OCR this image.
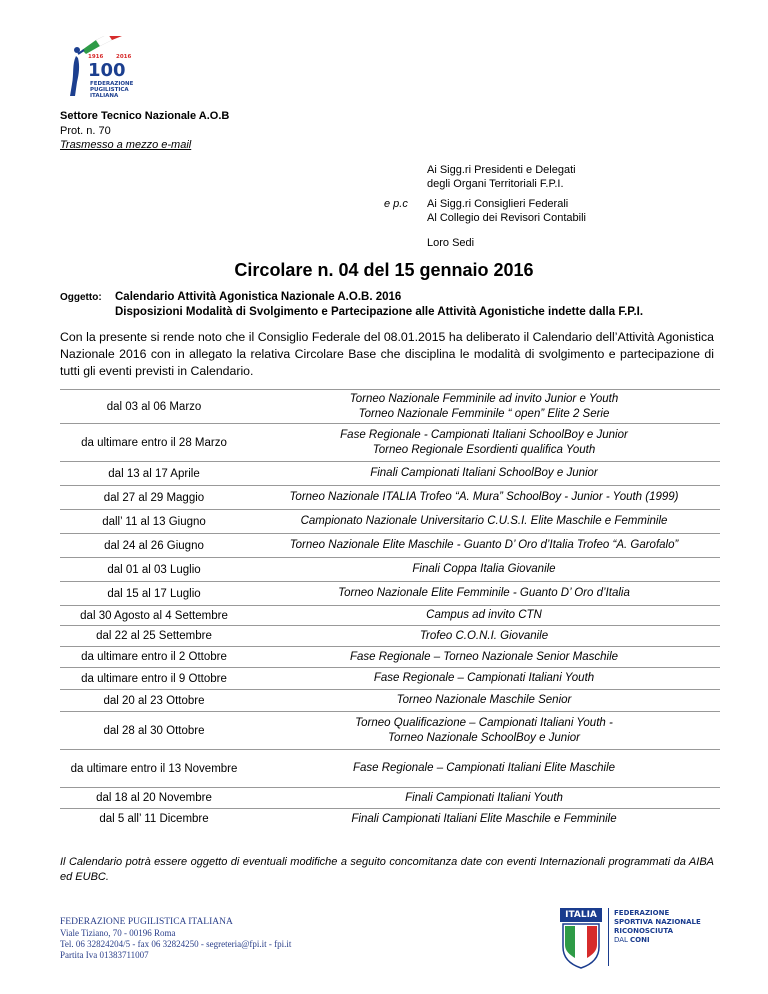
1916 2016
100
FEDERAZIONE
PUGILISTICA
ITALIANA
Settore Tecnico Nazionale A.O.B
Prot. n. 70
Trasmesso a mezzo e-mail
Ai Sigg.ri Presidenti e Delegati
degli Organi Territoriali F.P.I.
e p.c Ai Sigg.ri Consiglieri Federali
Al Collegio dei Revisori Contabili
Loro Sedi
Circolare n. 04 del 15 gennaio 2016
Oggetto: Calendario Attività Agonistica Nazionale A.O.B. 2016
Disposizioni Modalità di Svolgimento e Partecipazione alle Attività Agonistiche indette dalla F.P.I.
Con la presente si rende noto che il Consiglio Federale del 08.01.2015 ha deliberato il Calendario dell’Attività Agonistica Nazionale 2016 con in allegato la relativa Circolare Base che disciplina le modalità di svolgimento e partecipazione di tutti gli eventi previsti in Calendario.
dal 03 al 06 Marzo	Torneo Nazionale Femminile ad invito Junior e Youth
Torneo Nazionale Femminile “ open” Elite 2 Serie

da ultimare entro il 28 Marzo	Fase Regionale - Campionati Italiani SchoolBoy e Junior
Torneo Regionale Esordienti qualifica Youth

dal 13 al 17 Aprile	Finali Campionati Italiani SchoolBoy e Junior

dal 27 al 29 Maggio	Torneo Nazionale ITALIA Trofeo “A. Mura” SchoolBoy - Junior - Youth (1999)

dall’ 11 al 13 Giugno	Campionato Nazionale Universitario C.U.S.I. Elite Maschile e Femminile

dal 24 al 26 Giugno	Torneo Nazionale Elite Maschile - Guanto D’ Oro d’Italia Trofeo “A. Garofalo”

dal 01 al 03 Luglio	Finali Coppa Italia Giovanile

dal 15 al 17 Luglio	Torneo Nazionale Elite Femminile - Guanto D’ Oro d’Italia

dal 30 Agosto al 4 Settembre	Campus ad invito CTN

dal 22 al 25 Settembre	Trofeo C.O.N.I. Giovanile

da ultimare entro il 2 Ottobre	Fase Regionale – Torneo Nazionale Senior Maschile

da ultimare entro il 9 Ottobre	Fase Regionale – Campionati Italiani Youth

dal 20 al 23 Ottobre	Torneo Nazionale Maschile Senior

dal 28 al 30 Ottobre	Torneo Qualificazione – Campionati Italiani Youth -
Torneo Nazionale SchoolBoy e Junior

da ultimare entro il 13 Novembre	Fase Regionale – Campionati Italiani Elite Maschile

dal 18 al 20 Novembre	Finali Campionati Italiani Youth

dal 5 all’ 11 Dicembre	Finali Campionati Italiani Elite Maschile e Femminile
Il Calendario potrà essere oggetto di eventuali modifiche a seguito concomitanza date con eventi Internazionali programmati da AIBA ed EUBC.
FEDERAZIONE PUGILISTICA ITALIANA
Viale Tiziano, 70 - 00196 Roma
Tel. 06 32824204/5 - fax 06 32824250 - segreteria@fpi.it - fpi.it
Partita Iva 01383711007
ITALIA	FEDERAZIONE
SPORTIVA NAZIONALE
RICONOSCIUTA
DAL CONI
